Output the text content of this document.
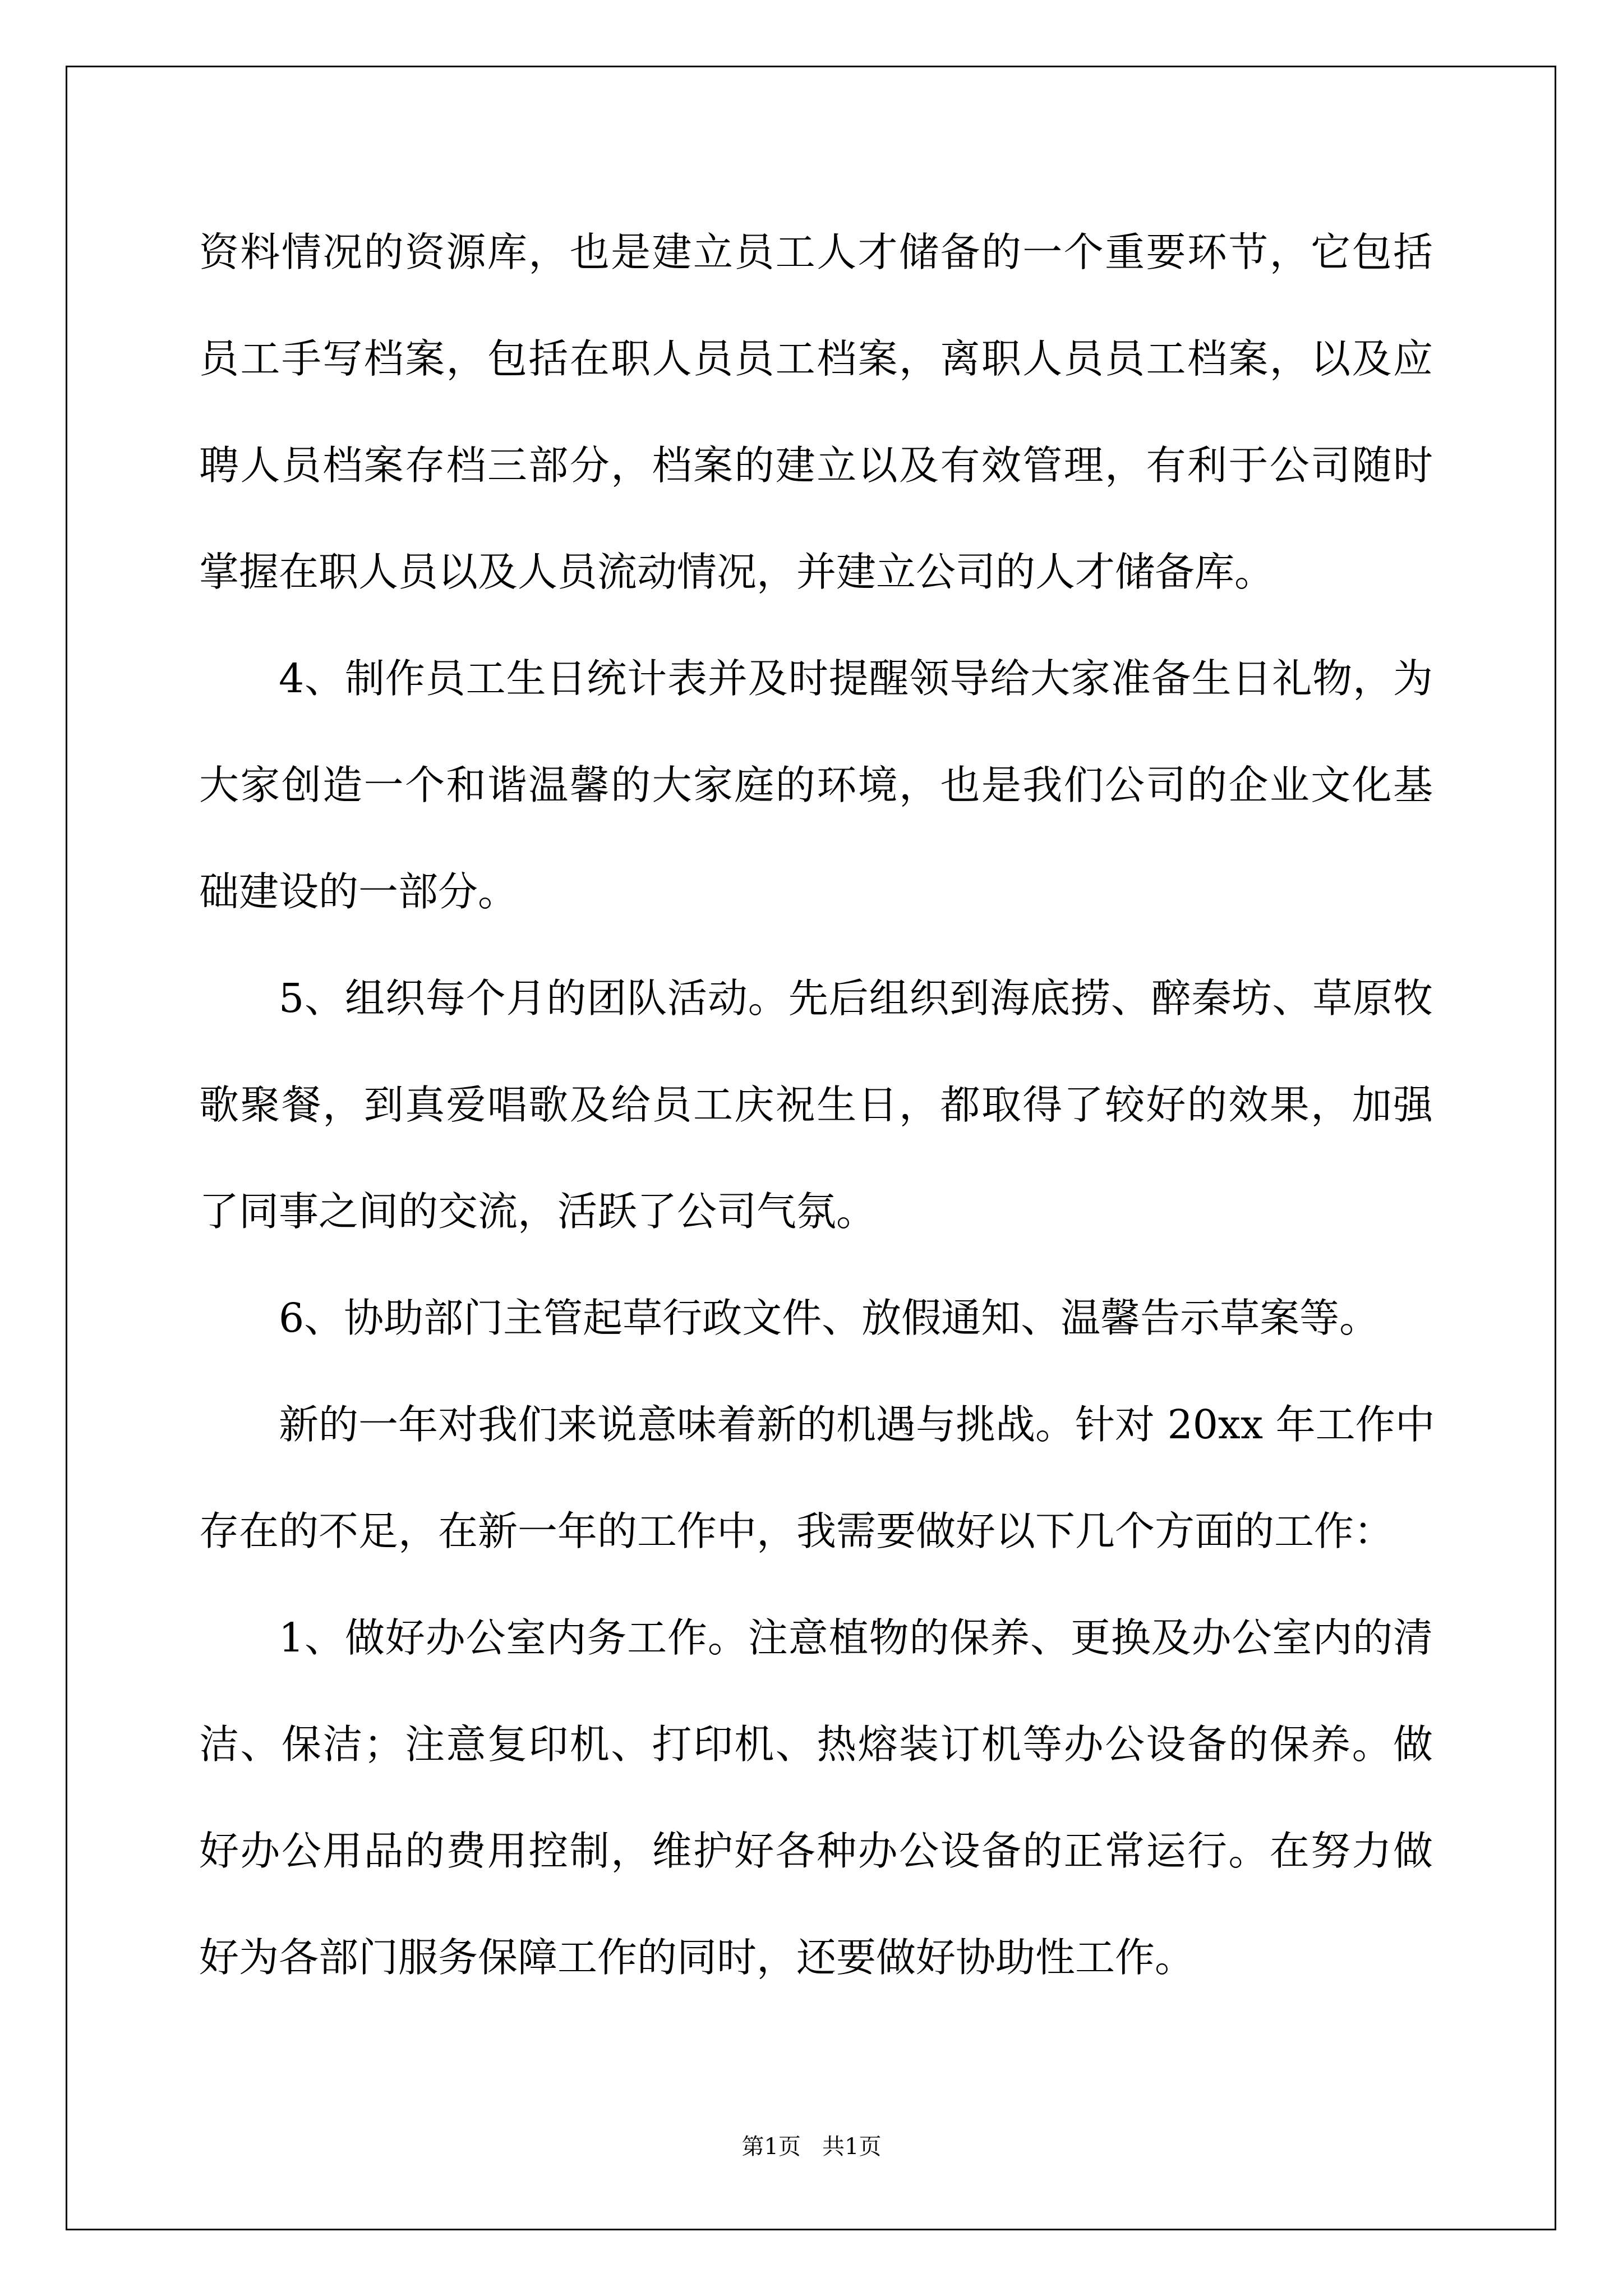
资料情况的资源库，也是建立员工人才储备的一个重要环节，它包括
员工手写档案，包括在职人员员工档案，离职人员员工档案，以及应
聘人员档案存档三部分，档案的建立以及有效管理，有利于公司随时
掌握在职人员以及人员流动情况，并建立公司的人才储备库。
4、制作员工生日统计表并及时提醒领导给大家准备生日礼物，为
大家创造一个和谐温馨的大家庭的环境，也是我们公司的企业文化基
础建设的一部分。
5、组织每个月的团队活动。先后组织到海底捞、醉秦坊、草原牧
歌聚餐，到真爱唱歌及给员工庆祝生日，都取得了较好的效果，加强
了同事之间的交流，活跃了公司气氛。
6、协助部门主管起草行政文件、放假通知、温馨告示草案等。
新的一年对我们来说意味着新的机遇与挑战。针对 20xx 年工作中
存在的不足，在新一年的工作中，我需要做好以下几个方面的工作：
1、做好办公室内务工作。注意植物的保养、更换及办公室内的清
洁、保洁；注意复印机、打印机、热熔装订机等办公设备的保养。做
好办公用品的费用控制，维护好各种办公设备的正常运行。在努力做
好为各部门服务保障工作的同时，还要做好协助性工作。
第1页   共1页
